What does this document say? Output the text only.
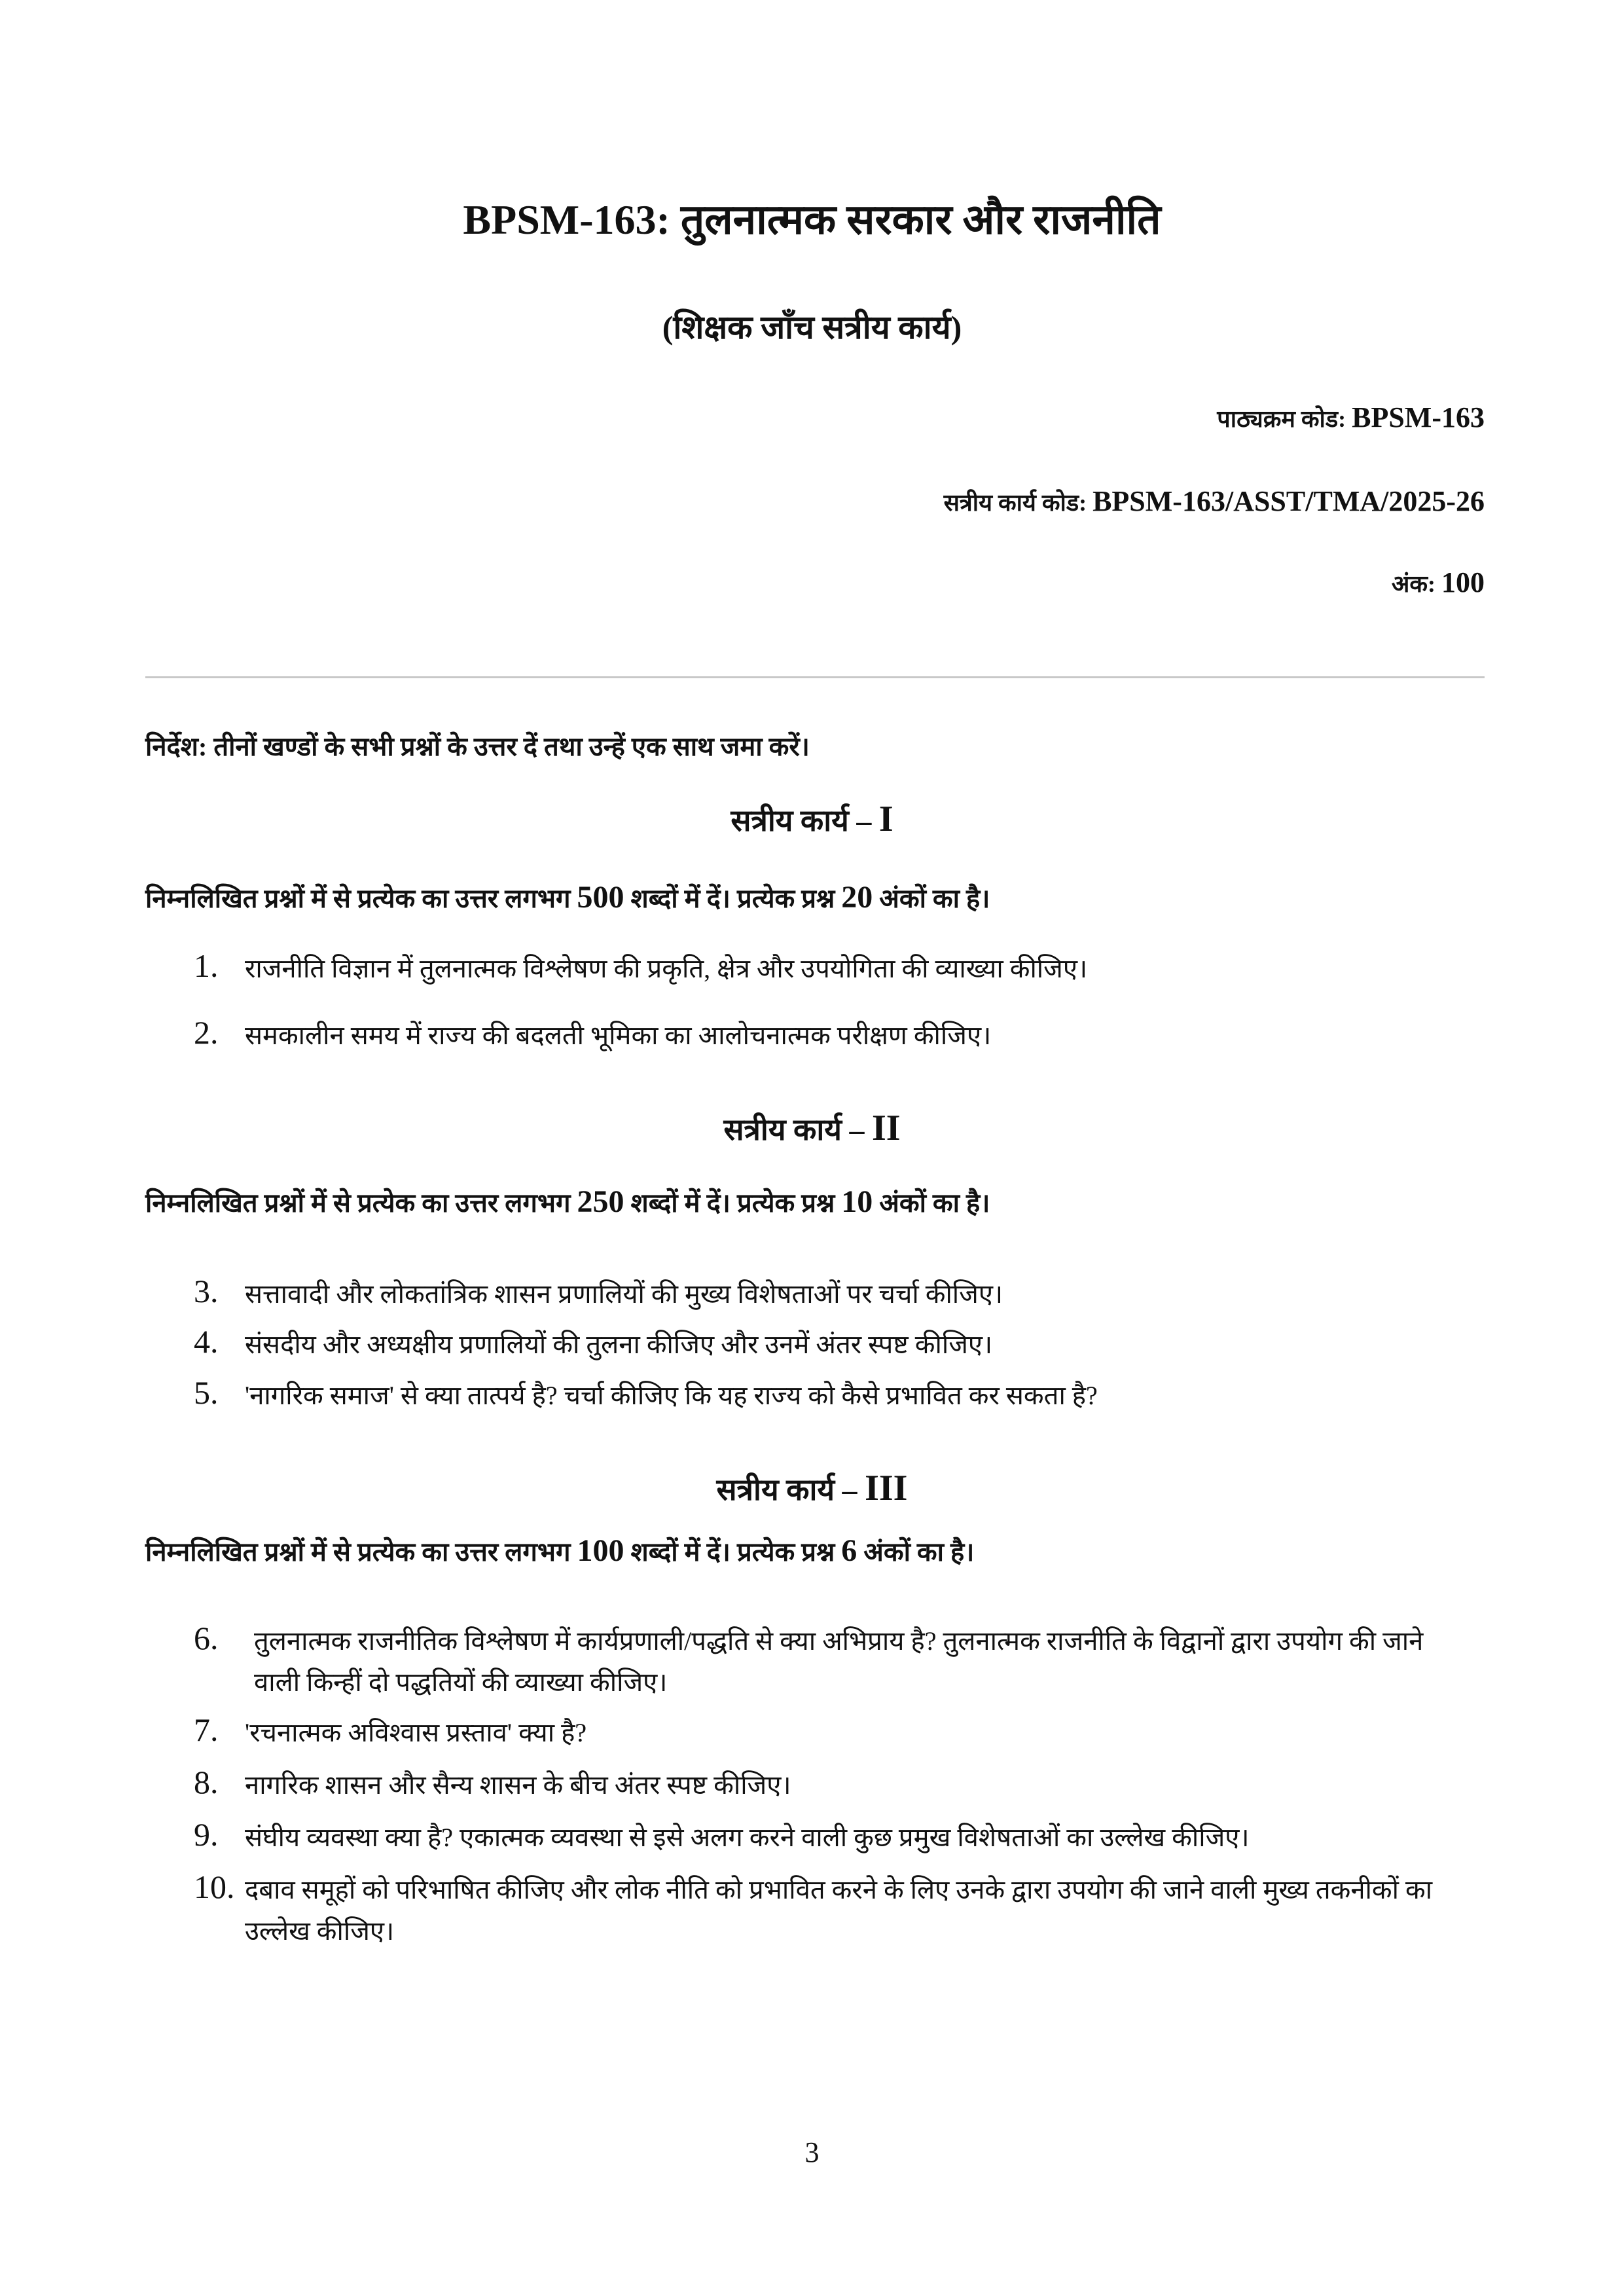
BPSM-163: तुलनात्मक सरकार और राजनीति
(शिक्षक जाँच सत्रीय कार्य)
पाठ्यक्रम कोड: BPSM-163
सत्रीय कार्य कोड: BPSM-163/ASST/TMA/2025-26
अंक: 100
निर्देश: तीनों खण्डों के सभी प्रश्नों के उत्तर दें तथा उन्हें एक साथ जमा करें।
सत्रीय कार्य – I
निम्नलिखित प्रश्नों में से प्रत्येक का उत्तर लगभग 500 शब्दों में दें। प्रत्येक प्रश्न 20 अंकों का है।
1.	राजनीति विज्ञान में तुलनात्मक विश्लेषण की प्रकृति, क्षेत्र और उपयोगिता की व्याख्या कीजिए।
2.	समकालीन समय में राज्य की बदलती भूमिका का आलोचनात्मक परीक्षण कीजिए।
सत्रीय कार्य – II
निम्नलिखित प्रश्नों में से प्रत्येक का उत्तर लगभग 250 शब्दों में दें। प्रत्येक प्रश्न 10 अंकों का है।
3.	सत्तावादी और लोकतांत्रिक शासन प्रणालियों की मुख्य विशेषताओं पर चर्चा कीजिए।
4.	संसदीय और अध्यक्षीय प्रणालियों की तुलना कीजिए और उनमें अंतर स्पष्ट कीजिए।
5.	'नागरिक समाज' से क्या तात्पर्य है? चर्चा कीजिए कि यह राज्य को कैसे प्रभावित कर सकता है?
सत्रीय कार्य – III
निम्नलिखित प्रश्नों में से प्रत्येक का उत्तर लगभग 100 शब्दों में दें। प्रत्येक प्रश्न 6 अंकों का है।
6.	तुलनात्मक राजनीतिक विश्लेषण में कार्यप्रणाली/पद्धति से क्या अभिप्राय है? तुलनात्मक राजनीति के विद्वानों द्वारा उपयोग की जाने वाली किन्हीं दो पद्धतियों की व्याख्या कीजिए।
7.	'रचनात्मक अविश्वास प्रस्ताव' क्या है?
8.	नागरिक शासन और सैन्य शासन के बीच अंतर स्पष्ट कीजिए।
9.	संघीय व्यवस्था क्या है? एकात्मक व्यवस्था से इसे अलग करने वाली कुछ प्रमुख विशेषताओं का उल्लेख कीजिए।
10. दबाव समूहों को परिभाषित कीजिए और लोक नीति को प्रभावित करने के लिए उनके द्वारा उपयोग की जाने वाली मुख्य तकनीकों का उल्लेख कीजिए।
3
